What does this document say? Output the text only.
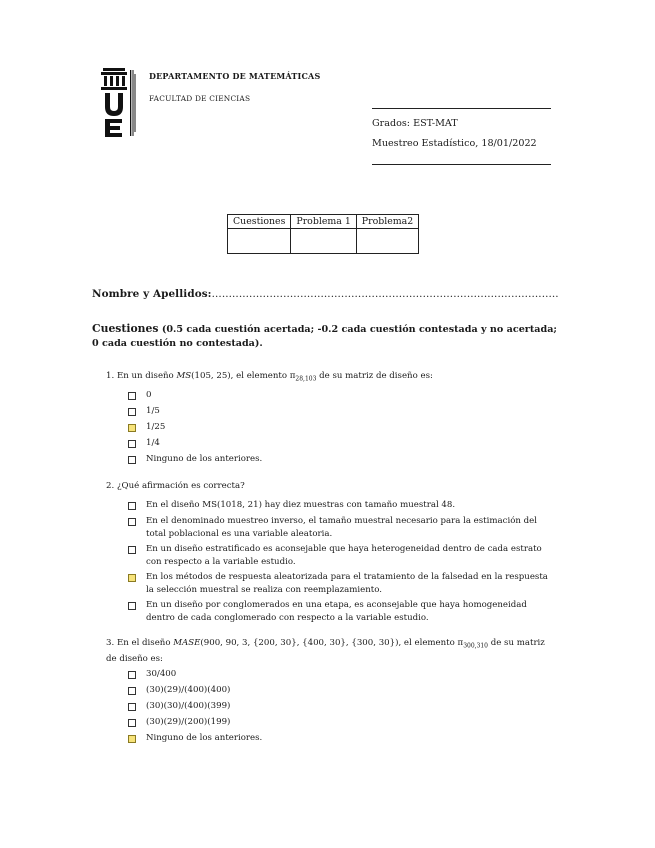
DEPARTAMENTO DE MATEMÁTICAS
FACULTAD DE CIENCIAS
Grados: EST-MAT
Muestreo Estadístico, 18/01/2022
Cuestiones	Problema 1	Problema2

Nombre y Apellidos:......................................................................................................
Cuestiones (0.5 cada cuestión acertada; -0.2 cada cuestión contestada y no acertada; 0 cada cuestión no contestada).
1. En un diseño MS(105, 25), el elemento $\pi_{28,103}$ de su matriz de diseño es:
0
1/5
1/25
1/4
Ninguno de los anteriores.
2. ¿Qué afirmación es correcta?
En el diseño MS(1018, 21) hay diez muestras con tamaño muestral 48.
En el denominado muestreo inverso, el tamaño muestral necesario para la estimación del total poblacional es una variable aleatoria.
En un diseño estratificado es aconsejable que haya heterogeneidad dentro de cada estrato con respecto a la variable estudio.
En los métodos de respuesta aleatorizada para el tratamiento de la falsedad en la respuesta la selección muestral se realiza con reemplazamiento.
En un diseño por conglomerados en una etapa, es aconsejable que haya homogeneidad dentro de cada conglomerado con respecto a la variable estudio.
3. En el diseño MASE(900, 90, 3, {200, 30}, {400, 30}, {300, 30}), el elemento $\pi_{300,310}$ de su matriz de diseño es:
30/400
(30)(29)/(400)(400)
(30)(30)/(400)(399)
(30)(29)/(200)(199)
Ninguno de los anteriores.
